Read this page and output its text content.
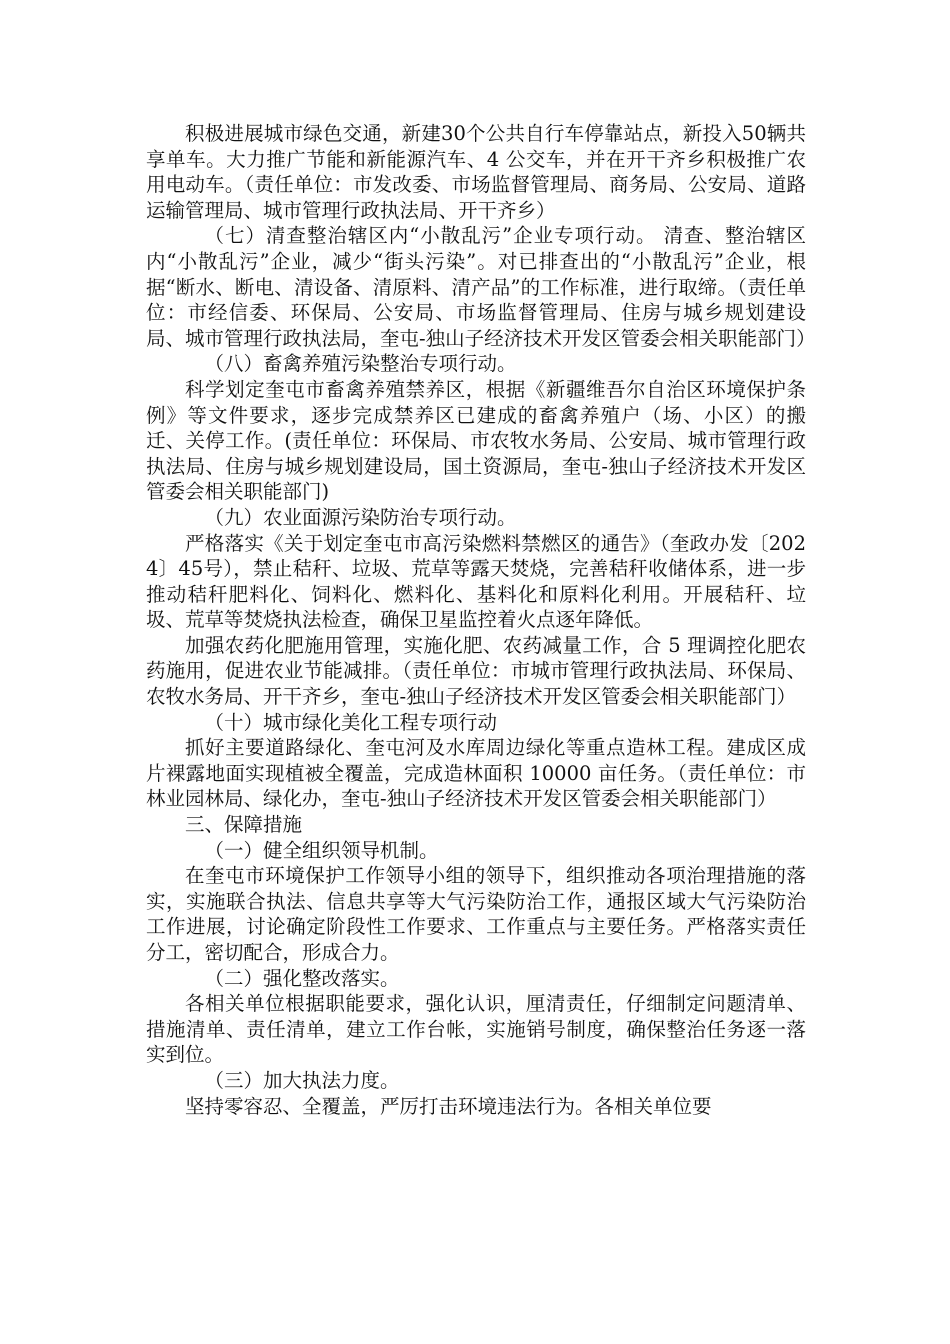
积极进展城市绿色交通，新建30个公共自行车停靠站点，新投入50辆共享单车。大力推广节能和新能源汽车、4 公交车，并在开干齐乡积极推广农用电动车。（责任单位：市发改委、市场监督管理局、商务局、公安局、道路运输管理局、城市管理行政执法局、开干齐乡）

（七）清查整治辖区内“小散乱污”企业专项行动。 清查、整治辖区内“小散乱污”企业，减少“街头污染”。对已排查出的“小散乱污”企业，根据“断水、断电、清设备、清原料、清产品”的工作标准，进行取缔。（责任单位：市经信委、环保局、公安局、市场监督管理局、住房与城乡规划建设局、城市管理行政执法局，奎屯-独山子经济技术开发区管委会相关职能部门）

（八）畜禽养殖污染整治专项行动。

科学划定奎屯市畜禽养殖禁养区，根据《新疆维吾尔自治区环境保护条例》等文件要求，逐步完成禁养区已建成的畜禽养殖户（场、小区）的搬迁、关停工作。(责任单位：环保局、市农牧水务局、公安局、城市管理行政执法局、住房与城乡规划建设局，国土资源局，奎屯-独山子经济技术开发区管委会相关职能部门)

（九）农业面源污染防治专项行动。

严格落实《关于划定奎屯市高污染燃料禁燃区的通告》（奎政办发〔2024〕45号），禁止秸秆、垃圾、荒草等露天焚烧，完善秸秆收储体系，进一步推动秸秆肥料化、饲料化、燃料化、基料化和原料化利用。开展秸秆、垃圾、荒草等焚烧执法检查，确保卫星监控着火点逐年降低。

加强农药化肥施用管理，实施化肥、农药减量工作，合 5 理调控化肥农药施用，促进农业节能减排。（责任单位：市城市管理行政执法局、环保局、农牧水务局、开干齐乡，奎屯-独山子经济技术开发区管委会相关职能部门）

（十）城市绿化美化工程专项行动

抓好主要道路绿化、奎屯河及水库周边绿化等重点造林工程。建成区成片裸露地面实现植被全覆盖，完成造林面积 10000 亩任务。（责任单位：市林业园林局、绿化办，奎屯-独山子经济技术开发区管委会相关职能部门）

三、保障措施

（一）健全组织领导机制。

在奎屯市环境保护工作领导小组的领导下，组织推动各项治理措施的落实，实施联合执法、信息共享等大气污染防治工作，通报区域大气污染防治工作进展，讨论确定阶段性工作要求、工作重点与主要任务。严格落实责任分工，密切配合，形成合力。

（二）强化整改落实。

各相关单位根据职能要求，强化认识，厘清责任，仔细制定问题清单、措施清单、责任清单，建立工作台帐，实施销号制度，确保整治任务逐一落实到位。

（三）加大执法力度。

坚持零容忍、全覆盖，严厉打击环境违法行为。各相关单位要
